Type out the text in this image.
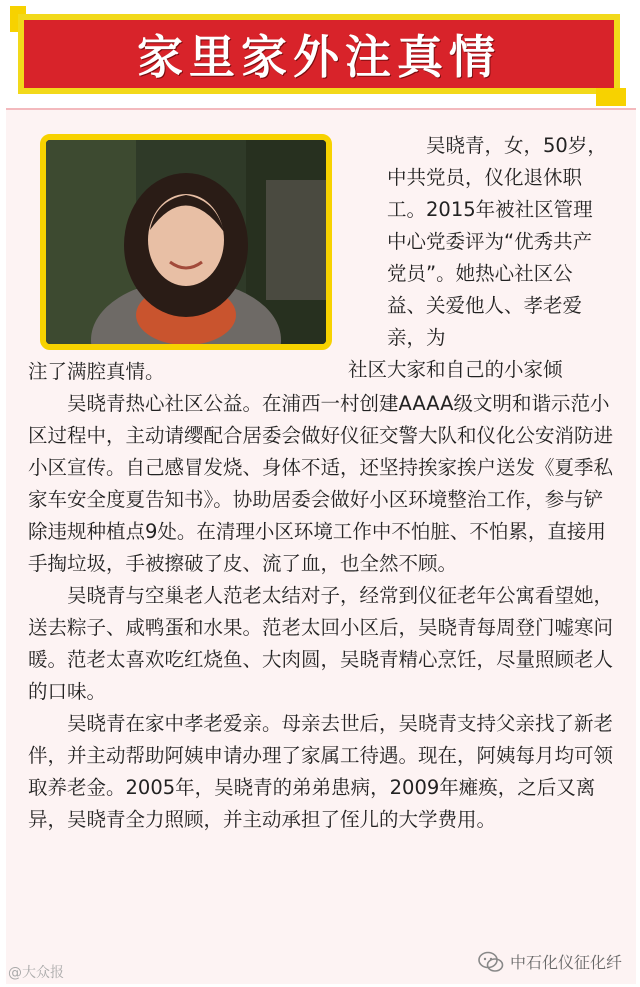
家里家外注真情
吴晓青，女，50岁，中共党员，仪化退休职工。2015年被社区管理中心党委评为“优秀共产党员”。她热心社区公益、关爱他人、孝老爱亲，为社区大家和自己的小家倾

注了满腔真情。

吴晓青热心社区公益。在浦西一村创建AAAA级文明和谐示范小区过程中，主动请缨配合居委会做好仪征交警大队和仪化公安消防进小区宣传。自己感冒发烧、身体不适，还坚持挨家挨户送发《夏季私家车安全度夏告知书》。协助居委会做好小区环境整治工作，参与铲除违规种植点9处。在清理小区环境工作中不怕脏、不怕累，直接用手掏垃圾，手被擦破了皮、流了血，也全然不顾。

吴晓青与空巢老人范老太结对子，经常到仪征老年公寓看望她，送去粽子、咸鸭蛋和水果。范老太回小区后，吴晓青每周登门嘘寒问暖。范老太喜欢吃红烧鱼、大肉圆，吴晓青精心烹饪，尽量照顾老人的口味。

吴晓青在家中孝老爱亲。母亲去世后，吴晓青支持父亲找了新老伴，并主动帮助阿姨申请办理了家属工待遇。现在，阿姨每月均可领取养老金。2005年，吴晓青的弟弟患病，2009年瘫痪，之后又离异，吴晓青全力照顾，并主动承担了侄儿的大学费用。

@大众报
中石化仪征化纤
